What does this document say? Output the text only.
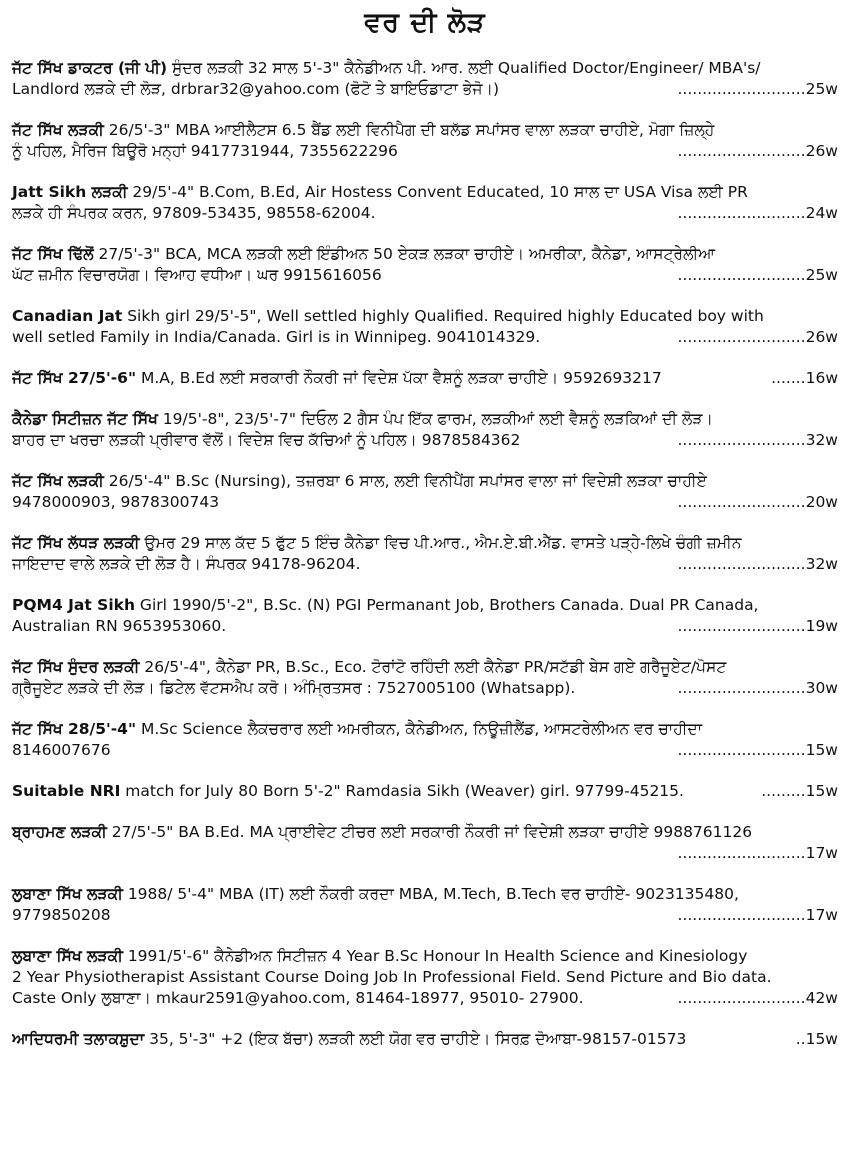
ਵਰ ਦੀ ਲੋੜ
ਜੱਟ ਸਿੱਖ ਡਾਕਟਰ (ਜੀ ਪੀ) ਸੁੰਦਰ ਲੜਕੀ 32 ਸਾਲ 5'-3" ਕੈਨੇਡੀਅਨ ਪੀ. ਆਰ. ਲਈ Qualified Doctor/Engineer/ MBA's/
Landlord ਲੜਕੇ ਦੀ ਲੋੜ, drbrar32@yahoo.com (ਫੋਟੋ ਤੇ ਬਾਇਓਡਾਟਾ ਭੇਜੋ।)	..........................25w
ਜੱਟ ਸਿੱਖ ਲੜਕੀ 26/5'-3" MBA ਆਈਲੈਟਸ 6.5 ਬੈਂਡ ਲਈ ਵਿਨੀਪੈਗ ਦੀ ਬਲੱਡ ਸਪਾਂਸਰ ਵਾਲਾ ਲੜਕਾ ਚਾਹੀਏ, ਮੋਗਾ ਜ਼ਿਲ੍ਹੇ
ਨੂੰ ਪਹਿਲ, ਮੈਰਿਜ ਬਿਊਰੋ ਮਨ੍ਹਾਂ 9417731944, 7355622296	..........................26w
Jatt Sikh ਲੜਕੀ 29/5'-4" B.Com, B.Ed, Air Hostess Convent Educated, 10 ਸਾਲ ਦਾ USA Visa ਲਈ PR
ਲੜਕੇ ਹੀ ਸੰਪਰਕ ਕਰਨ, 97809-53435, 98558-62004.	..........................24w
ਜੱਟ ਸਿੱਖ ਢਿੱਲੋਂ 27/5'-3" BCA, MCA ਲੜਕੀ ਲਈ ਇੰਡੀਅਨ 50 ਏਕੜ ਲੜਕਾ ਚਾਹੀਏ। ਅਮਰੀਕਾ, ਕੈਨੇਡਾ, ਆਸਟ੍ਰੇਲੀਆ
ਘੱਟ ਜ਼ਮੀਨ ਵਿਚਾਰਯੋਗ। ਵਿਆਹ ਵਧੀਆ। ਘਰ 9915616056	..........................25w
Canadian Jat Sikh girl 29/5'-5", Well settled highly Qualified. Required highly Educated boy with
well setled Family in India/Canada. Girl is in Winnipeg. 9041014329.	..........................26w
ਜੱਟ ਸਿੱਖ 27/5'-6" M.A, B.Ed ਲਈ ਸਰਕਾਰੀ ਨੌਕਰੀ ਜਾਂ ਵਿਦੇਸ਼ ਪੱਕਾ ਵੈਸ਼ਨੂੰ ਲੜਕਾ ਚਾਹੀਏ। 9592693217	.......16w
ਕੈਨੇਡਾ ਸਿਟੀਜ਼ਨ ਜੱਟ ਸਿੱਖ 19/5'-8", 23/5'-7" ਦਿਓਲ 2 ਗੈਸ ਪੰਪ ਇੱਕ ਫਾਰਮ, ਲੜਕੀਆਂ ਲਈ ਵੈਸ਼ਨੂੰ ਲੜਕਿਆਂ ਦੀ ਲੋੜ।
ਬਾਹਰ ਦਾ ਖਰਚਾ ਲੜਕੀ ਪ੍ਰੀਵਾਰ ਵੱਲੋਂ। ਵਿਦੇਸ਼ ਵਿਚ ਕੱਚਿਆਂ ਨੂੰ ਪਹਿਲ। 9878584362	..........................32w
ਜੱਟ ਸਿੱਖ ਲੜਕੀ 26/5'-4" B.Sc (Nursing), ਤਜ਼ਰਬਾ 6 ਸਾਲ, ਲਈ ਵਿਨੀਪੈਂਗ ਸਪਾਂਸਰ ਵਾਲਾ ਜਾਂ ਵਿਦੇਸ਼ੀ ਲੜਕਾ ਚਾਹੀਏ
9478000903, 9878300743	..........................20w
ਜੱਟ ਸਿੱਖ ਲੱਧੜ ਲੜਕੀ ਉਮਰ 29 ਸਾਲ ਕੱਦ 5 ਫੁੱਟ 5 ਇੰਚ ਕੈਨੇਡਾ ਵਿਚ ਪੀ.ਆਰ., ਐਮ.ਏ.ਬੀ.ਐੱਡ. ਵਾਸਤੇ ਪੜ੍ਹੇ-ਲਿਖੇ ਚੰਗੀ ਜ਼ਮੀਨ
ਜਾਇਦਾਦ ਵਾਲੇ ਲੜਕੇ ਦੀ ਲੋੜ ਹੈ। ਸੰਪਰਕ 94178-96204.	..........................32w
PQM4 Jat Sikh Girl 1990/5'-2", B.Sc. (N) PGI Permanant Job, Brothers Canada. Dual PR Canada,
Australian RN 9653953060.	..........................19w
ਜੱਟ ਸਿੱਖ ਸੁੰਦਰ ਲੜਕੀ 26/5'-4", ਕੈਨੇਡਾ PR, B.Sc., Eco. ਟੋਰਾਂਟੋ ਰਹਿੰਦੀ ਲਈ ਕੈਨੇਡਾ PR/ਸਟੱਡੀ ਬੇਸ ਗਏ ਗਰੈਜੂਏਟ/ਪੋਸਟ
ਗ੍ਰੈਜੂਏਟ ਲੜਕੇ ਦੀ ਲੋੜ। ਡਿਟੇਲ ਵੱਟਸਐਪ ਕਰੋ। ਅੰਮ੍ਰਿਤਸਰ : 7527005100 (Whatsapp).	..........................30w
ਜੱਟ ਸਿੱਖ 28/5'-4" M.Sc Science ਲੈਕਚਰਾਰ ਲਈ ਅਮਰੀਕਨ, ਕੈਨੇਡੀਅਨ, ਨਿਊਜ਼ੀਲੈਂਡ, ਆਸਟਰੇਲੀਅਨ ਵਰ ਚਾਹੀਦਾ
8146007676	..........................15w
Suitable NRI match for July 80 Born 5'-2" Ramdasia Sikh (Weaver) girl. 97799-45215.	.........15w
ਬ੍ਰਾਹਮਣ ਲੜਕੀ 27/5'-5" BA B.Ed. MA ਪ੍ਰਾਈਵੇਟ ਟੀਚਰ ਲਈ ਸਰਕਾਰੀ ਨੌਕਰੀ ਜਾਂ ਵਿਦੇਸ਼ੀ ਲੜਕਾ ਚਾਹੀਏ 9988761126
..........................17w
ਲੁਬਾਣਾ ਸਿੱਖ ਲੜਕੀ 1988/ 5'-4" MBA (IT) ਲਈ ਨੌਕਰੀ ਕਰਦਾ MBA, M.Tech, B.Tech ਵਰ ਚਾਹੀਏ- 9023135480,
9779850208	..........................17w
ਲੁਬਾਣਾ ਸਿੱਖ ਲੜਕੀ 1991/5'-6" ਕੈਨੇਡੀਅਨ ਸਿਟੀਜ਼ਨ 4 Year B.Sc Honour In Health Science and Kinesiology
2 Year Physiotherapist Assistant Course Doing Job In Professional Field. Send Picture and Bio data.
Caste Only ਲੁਬਾਣਾ। mkaur2591@yahoo.com, 81464-18977, 95010- 27900.	..........................42w
ਆਦਿਧਰਮੀ ਤਲਾਕਸ਼ੁਦਾ 35, 5'-3" +2 (ਇਕ ਬੱਚਾ) ਲੜਕੀ ਲਈ ਯੋਗ ਵਰ ਚਾਹੀਏ। ਸਿਰਫ਼ ਦੋਆਬਾ-98157-01573	..15w
